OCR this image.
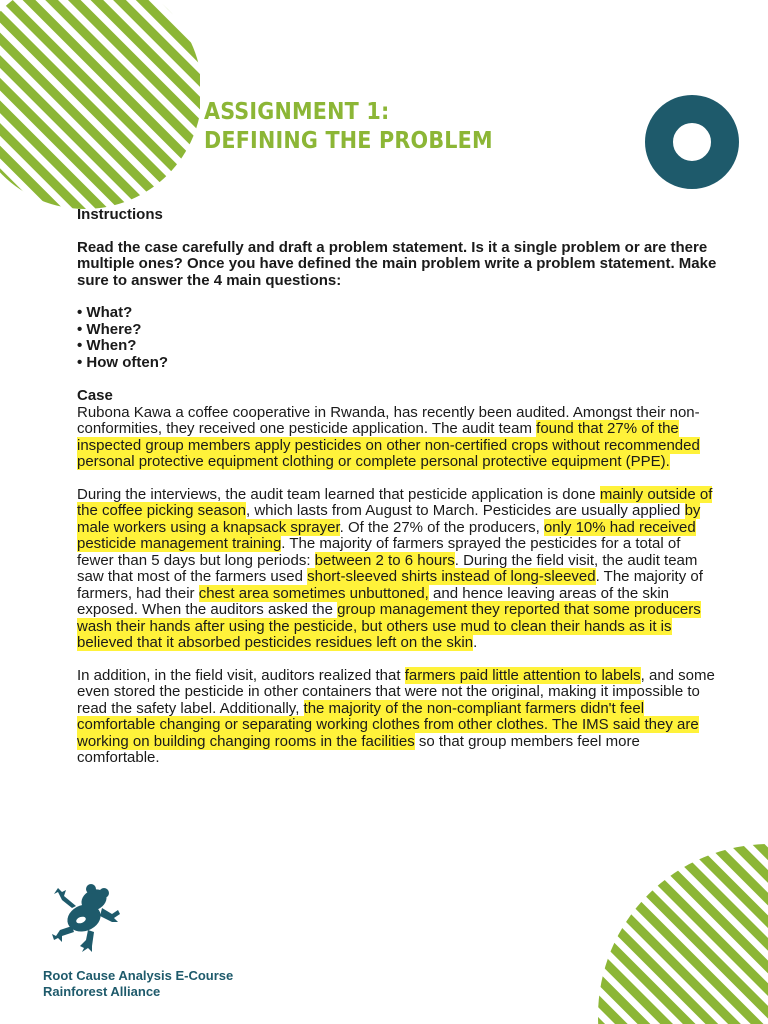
ASSIGNMENT 1:
DEFINING THE PROBLEM

Instructions

Read the case carefully and draft a problem statement. Is it a single problem or are there multiple ones? Once you have defined the main problem write a problem statement. Make sure to answer the 4 main questions:

• What?
• Where?
• When?
• How often?

Case

Rubona Kawa a coffee cooperative in Rwanda, has recently been audited. Amongst their non-conformities, they received one pesticide application. The audit team found that 27% of the inspected group members apply pesticides on other non-certified crops without recommended personal protective equipment clothing or complete personal protective equipment (PPE).

During the interviews, the audit team learned that pesticide application is done mainly outside of the coffee picking season, which lasts from August to March. Pesticides are usually applied by male workers using a knapsack sprayer. Of the 27% of the producers, only 10% had received pesticide management training. The majority of farmers sprayed the pesticides for a total of fewer than 5 days but long periods: between 2 to 6 hours. During the field visit, the audit team saw that most of the farmers used short-sleeved shirts instead of long-sleeved. The majority of farmers, had their chest area sometimes unbuttoned, and hence leaving areas of the skin exposed. When the auditors asked the group management they reported that some producers wash their hands after using the pesticide, but others use mud to clean their hands as it is believed that it absorbed pesticides residues left on the skin.

In addition, in the field visit, auditors realized that farmers paid little attention to labels, and some even stored the pesticide in other containers that were not the original, making it impossible to read the safety label. Additionally, the majority of the non-compliant farmers didn't feel comfortable changing or separating working clothes from other clothes. The IMS said they are working on building changing rooms in the facilities so that group members feel more comfortable.

Root Cause Analysis E-Course
Rainforest Alliance
